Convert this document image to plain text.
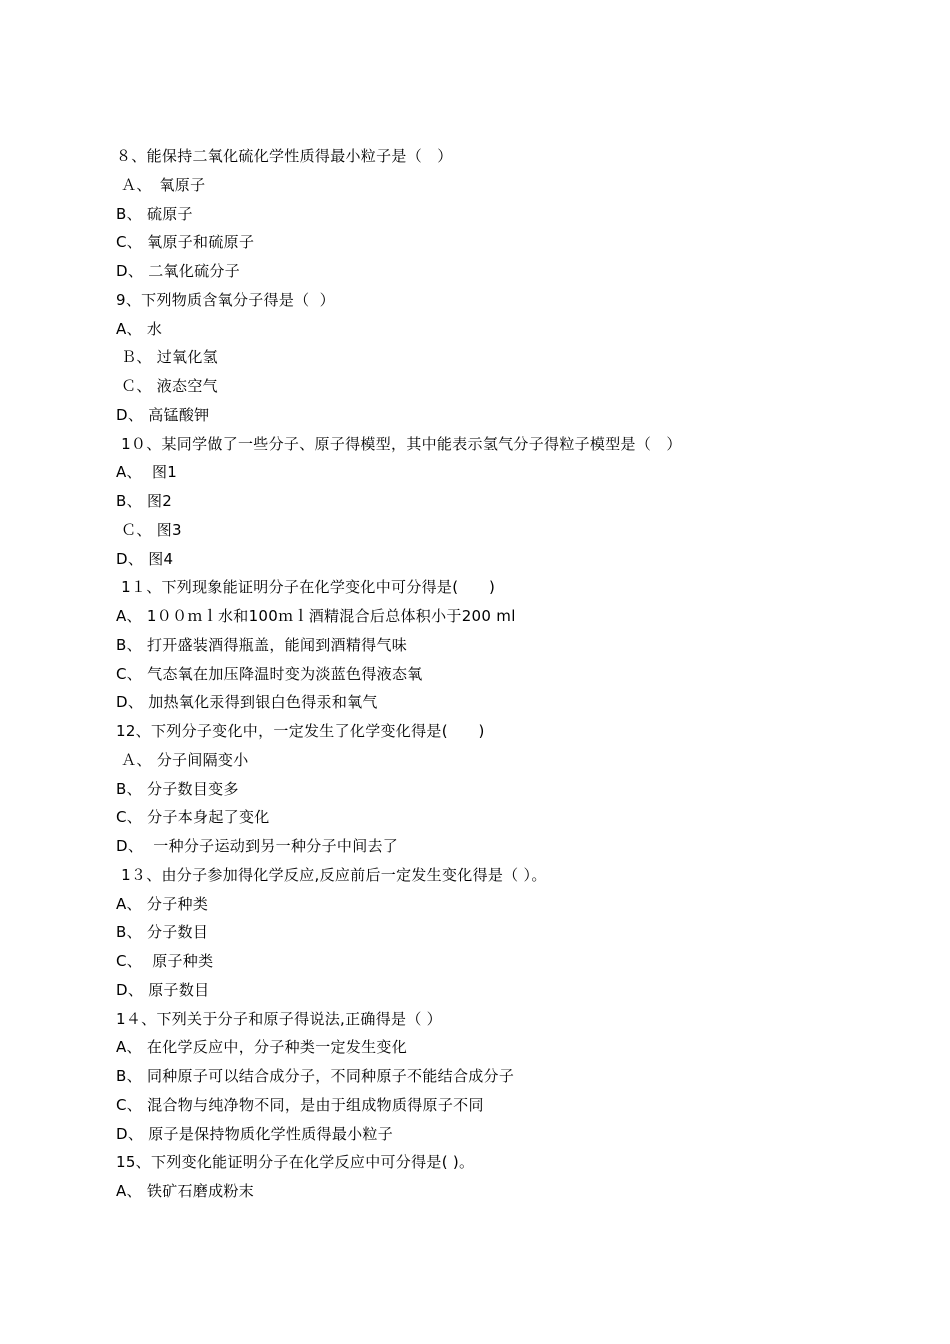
８、能保持二氧化硫化学性质得最小粒子是（　）
Ａ、　氧原子
B、 硫原子
C、 氧原子和硫原子
D、 二氧化硫分子
9、下列物质含氧分子得是（  ）
A、 水
Ｂ、 过氧化氢
Ｃ、 液态空气
D、 高锰酸钾
1０、某同学做了一些分子、原子得模型，其中能表示氢气分子得粒子模型是（　）
A、  图1
B、 图2
Ｃ、 图3
D、 图4
1１、下列现象能证明分子在化学变化中可分得是(　　)
A、 1００ｍｌ水和100ｍｌ酒精混合后总体积小于200 ml
B、 打开盛装酒得瓶盖，能闻到酒精得气味
C、 气态氧在加压降温时变为淡蓝色得液态氧
D、 加热氧化汞得到银白色得汞和氧气
12、下列分子变化中，一定发生了化学变化得是(　　)
Ａ、 分子间隔变小
B、 分子数目变多
C、 分子本身起了变化
D、  一种分子运动到另一种分子中间去了
1３、由分子参加得化学反应,反应前后一定发生变化得是（ ）。
A、 分子种类
B、 分子数目
C、  原子种类
D、 原子数目
1４、下列关于分子和原子得说法,正确得是（ ）
A、 在化学反应中，分子种类一定发生变化
B、 同种原子可以结合成分子，不同种原子不能结合成分子
C、 混合物与纯净物不同，是由于组成物质得原子不同
D、 原子是保持物质化学性质得最小粒子
15、下列变化能证明分子在化学反应中可分得是( )。
A、 铁矿石磨成粉末
